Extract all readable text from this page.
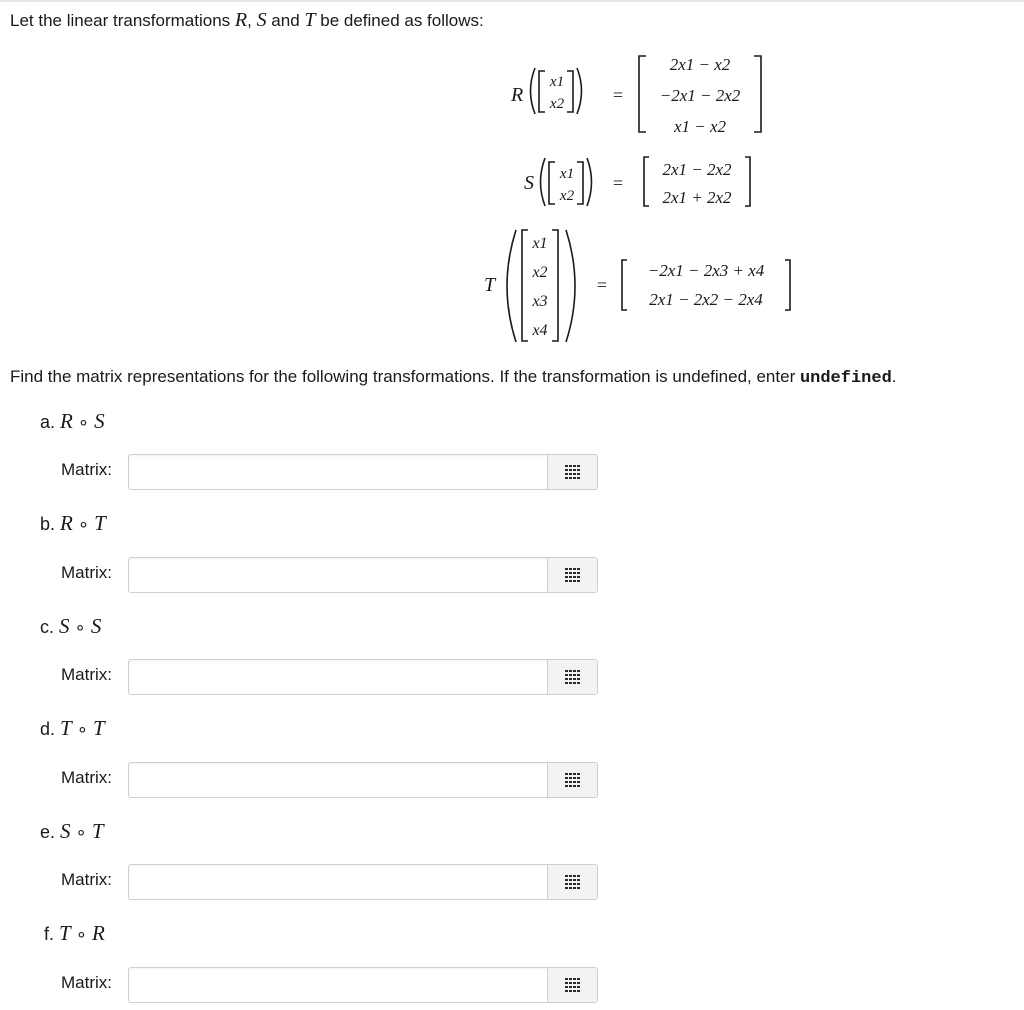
Let the linear transformations R, S and T be defined as follows:
R
x1
x2	=
2x1 − x2
−2x1 − 2x2
x1 − x2
S x1
x2
=
2x1 − 2x2
2x1 + 2x2
T
x1
x2
x3
x4
=
−2x1 − 2x3 + x4
2x1 − 2x2 − 2x4
Find the matrix representations for the following transformations. If the transformation is undefined, enter undefined.
a. R ∘ S
Matrix:
b. R ∘ T
Matrix:
c. S ∘ S
Matrix:
d. T ∘ T
Matrix:
e. S ∘ T
Matrix:
f. T ∘ R
Matrix:
